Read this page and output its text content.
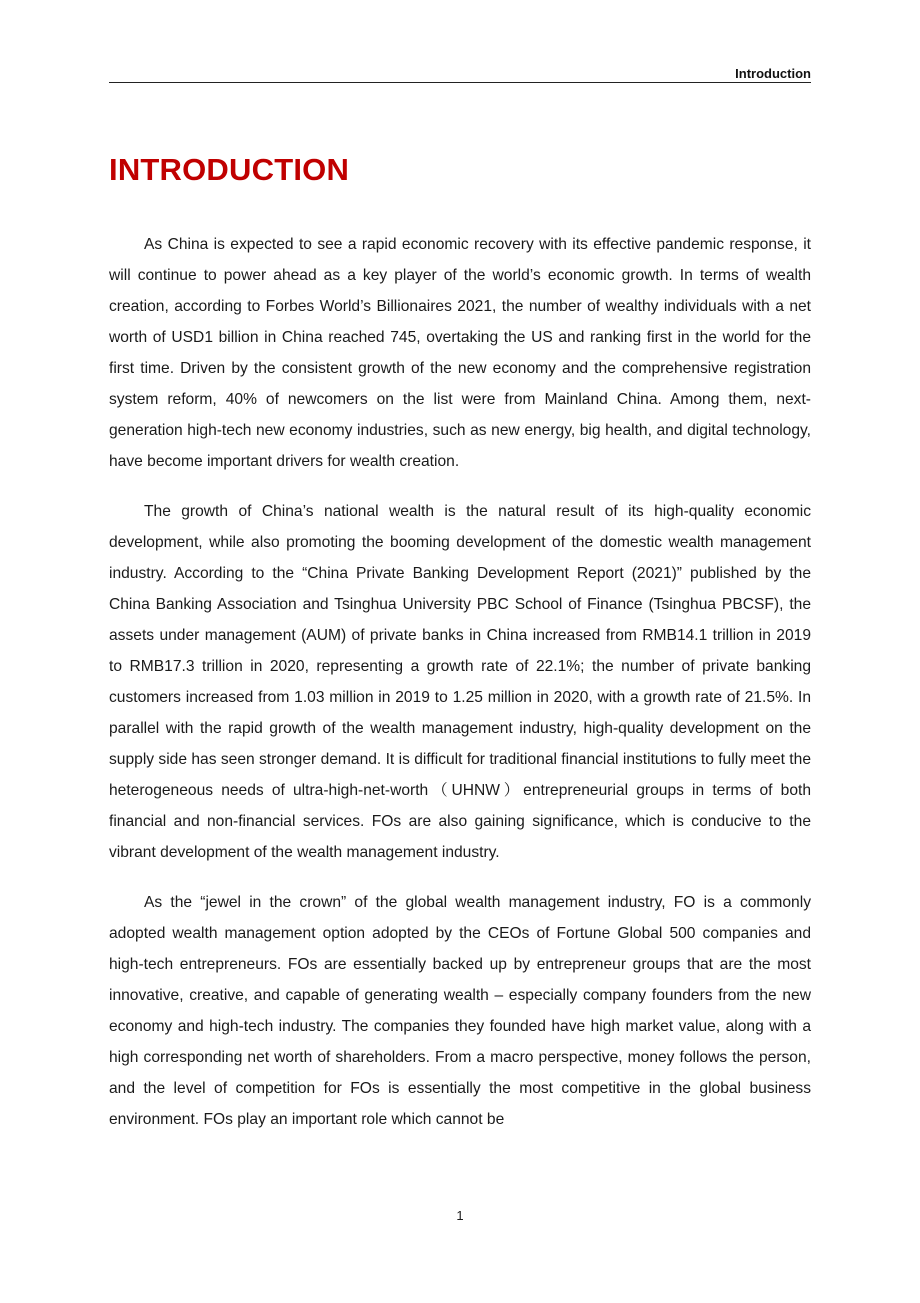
Introduction
INTRODUCTION

As China is expected to see a rapid economic recovery with its effective pandemic response, it will continue to power ahead as a key player of the world’s economic growth. In terms of wealth creation, according to Forbes World’s Billionaires 2021, the number of wealthy individuals with a net worth of USD1 billion in China reached 745, overtaking the US and ranking first in the world for the first time. Driven by the consistent growth of the new economy and the comprehensive registration system reform, 40% of newcomers on the list were from Mainland China. Among them, next-generation high-tech new economy industries, such as new energy, big health, and digital technology, have become important drivers for wealth creation.

The growth of China’s national wealth is the natural result of its high-quality economic development, while also promoting the booming development of the domestic wealth management industry. According to the “China Private Banking Development Report (2021)” published by the China Banking Association and Tsinghua University PBC School of Finance (Tsinghua PBCSF), the assets under management (AUM) of private banks in China increased from RMB14.1 trillion in 2019 to RMB17.3 trillion in 2020, representing a growth rate of 22.1%; the number of private banking customers increased from 1.03 million in 2019 to 1.25 million in 2020, with a growth rate of 21.5%. In parallel with the rapid growth of the wealth management industry, high-quality development on the supply side has seen stronger demand. It is difficult for traditional financial institutions to fully meet the heterogeneous needs of ultra-high-net-worth（UHNW）entrepreneurial groups in terms of both financial and non-financial services. FOs are also gaining significance, which is conducive to the vibrant development of the wealth management industry.

As the “jewel in the crown” of the global wealth management industry, FO is a commonly adopted wealth management option adopted by the CEOs of Fortune Global 500 companies and high-tech entrepreneurs. FOs are essentially backed up by entrepreneur groups that are the most innovative, creative, and capable of generating wealth – especially company founders from the new economy and high-tech industry. The companies they founded have high market value, along with a high corresponding net worth of shareholders. From a macro perspective, money follows the person, and the level of competition for FOs is essentially the most competitive in the global business environment. FOs play an important role which cannot be

1
